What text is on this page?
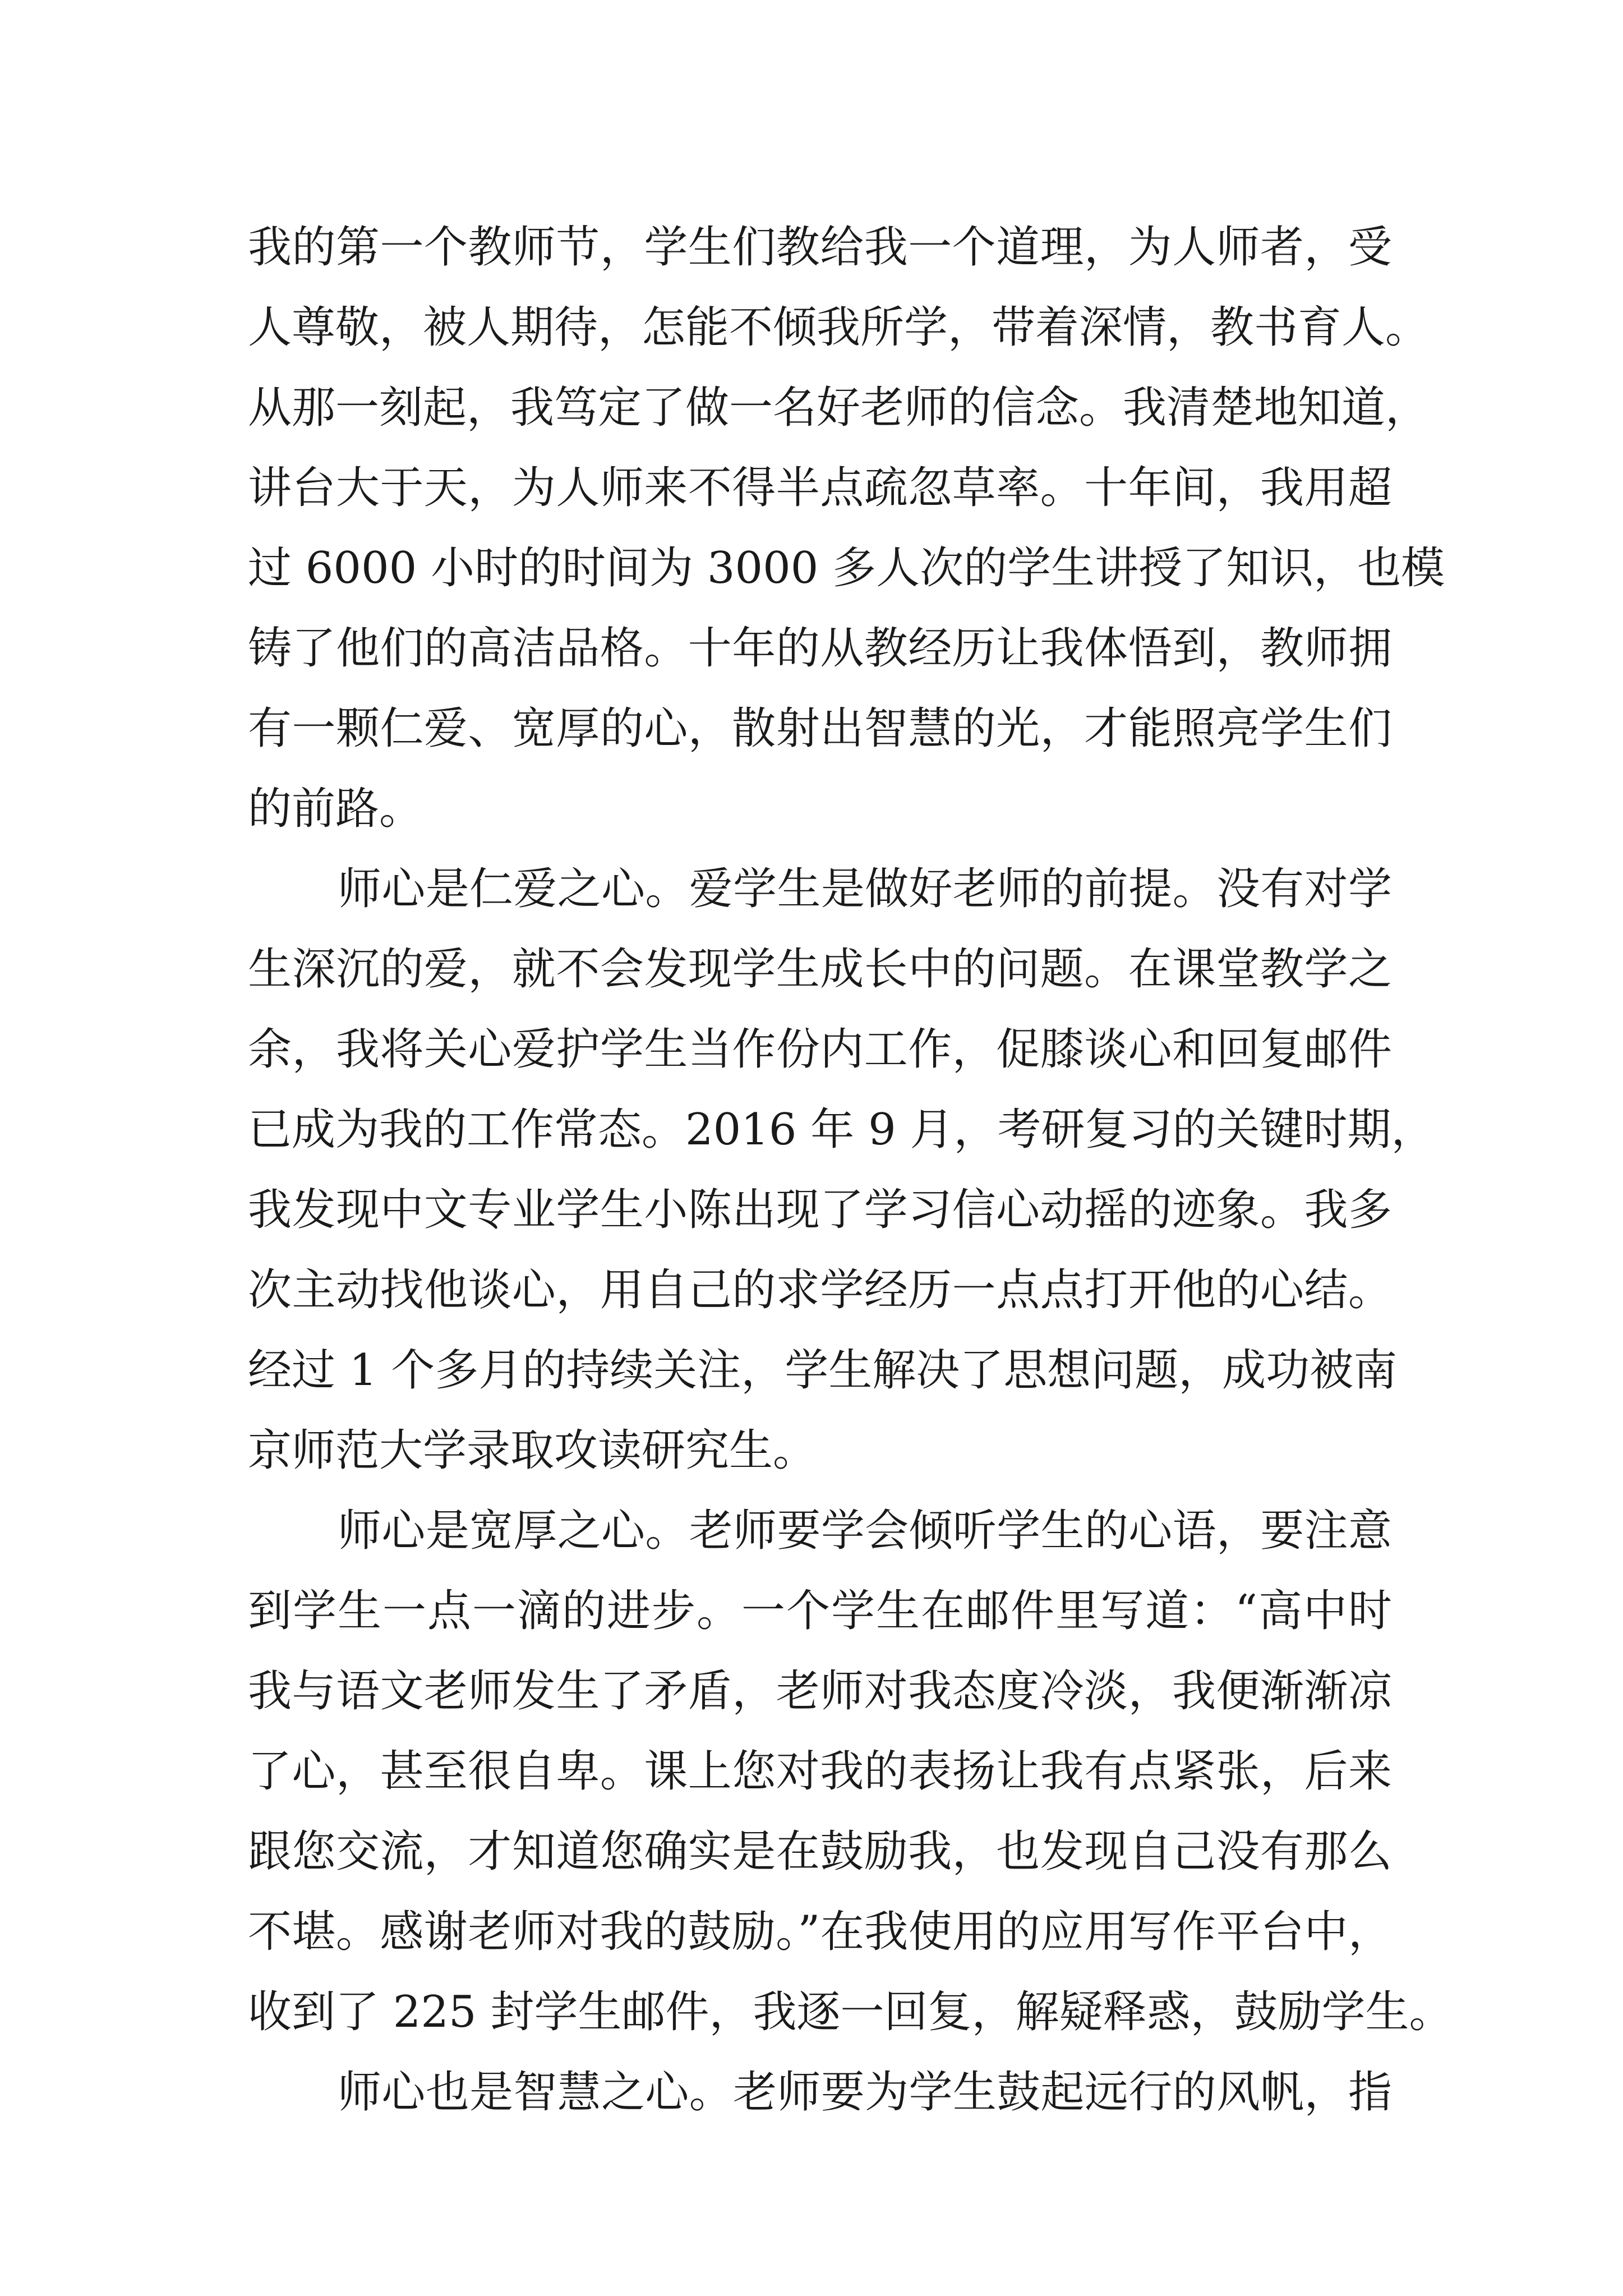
我的第一个教师节，学生们教给我一个道理，为人师者，受
人尊敬，被人期待，怎能不倾我所学，带着深情，教书育人。
从那一刻起，我笃定了做一名好老师的信念。我清楚地知道，
讲台大于天，为人师来不得半点疏忽草率。十年间，我用超
过 6000 小时的时间为 3000 多人次的学生讲授了知识，也模
铸了他们的高洁品格。十年的从教经历让我体悟到，教师拥
有一颗仁爱、宽厚的心，散射出智慧的光，才能照亮学生们
的前路。
师心是仁爱之心。爱学生是做好老师的前提。没有对学
生深沉的爱，就不会发现学生成长中的问题。在课堂教学之
余，我将关心爱护学生当作份内工作，促膝谈心和回复邮件
已成为我的工作常态。2016 年 9 月，考研复习的关键时期，
我发现中文专业学生小陈出现了学习信心动摇的迹象。我多
次主动找他谈心，用自己的求学经历一点点打开他的心结。
经过 1 个多月的持续关注，学生解决了思想问题，成功被南
京师范大学录取攻读研究生。
师心是宽厚之心。老师要学会倾听学生的心语，要注意
到学生一点一滴的进步。一个学生在邮件里写道：“高中时
我与语文老师发生了矛盾，老师对我态度冷淡，我便渐渐凉
了心，甚至很自卑。课上您对我的表扬让我有点紧张，后来
跟您交流，才知道您确实是在鼓励我，也发现自己没有那么
不堪。感谢老师对我的鼓励。”在我使用的应用写作平台中，
收到了 225 封学生邮件，我逐一回复，解疑释惑，鼓励学生。
师心也是智慧之心。老师要为学生鼓起远行的风帆，指
